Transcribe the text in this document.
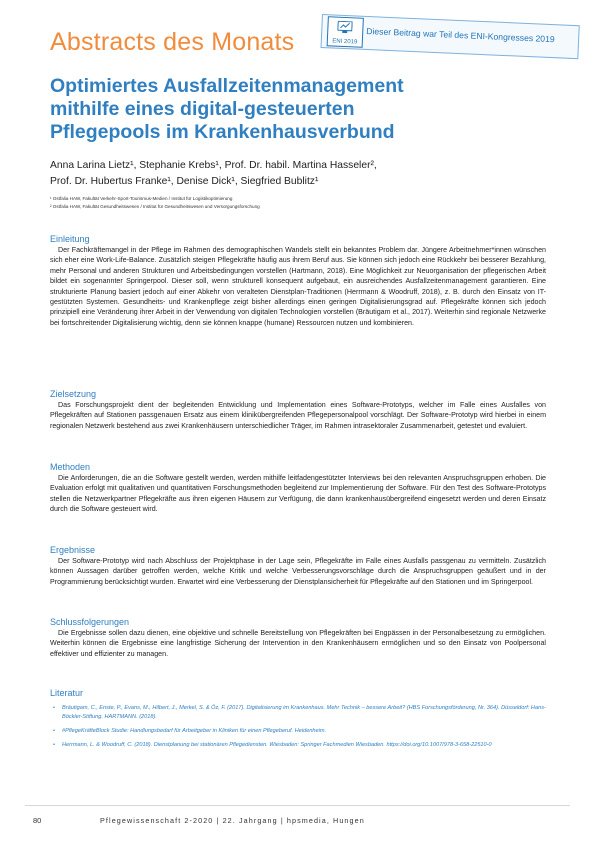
Abstracts des Monats	ENI 2019	Dieser Beitrag war Teil des ENI-Kongresses 2019
Optimiertes Ausfallzeitenmanagement mithilfe eines digital-gesteuerten Pflegepools im Krankenhausverbund
Anna Larina Lietz¹, Stephanie Krebs¹, Prof. Dr. habil. Martina Hasseler²,
Prof. Dr. Hubertus Franke¹, Denise Dick¹, Siegfried Bublitz¹
¹ Ostfalia HAW, Fakultät Verkehr-Sport-Tourismus-Medien / Institut für Logistikoptimierung
² Ostfalia HAW, Fakultät Gesundheitswesen / Institut für Gesundheitswesen und Versorgungsforschung
Einleitung

Der Fachkräftemangel in der Pflege im Rahmen des demographischen Wandels stellt ein bekanntes Problem dar. Jüngere Arbeitnehmer*innen wünschen sich eher eine Work-Life-Balance. Zusätzlich steigen Pflegekräfte häufig aus ihrem Beruf aus. Sie können sich jedoch eine Rückkehr bei besserer Bezahlung, mehr Personal und anderen Strukturen und Arbeitsbedingungen vorstellen (Hartmann, 2018). Eine Möglichkeit zur Neuorganisation der pflegerischen Arbeit bildet ein sogenannter Springerpool. Dieser soll, wenn strukturell konsequent aufgebaut, ein ausreichendes Ausfallzeitenmanagement garantieren. Eine strukturierte Planung basiert jedoch auf einer Abkehr von veralteten Dienstplan-Traditionen (Herrmann & Woodruff, 2018), z. B. durch den Einsatz von IT-gestützten Systemen. Gesundheits- und Krankenpflege zeigt bisher allerdings einen geringen Digitalisierungsgrad auf. Pflegekräfte können sich jedoch prinzipiell eine Veränderung ihrer Arbeit in der Verwendung von digitalen Technologien vorstellen (Bräutigam et al., 2017). Weiterhin sind regionale Netzwerke bei fortschreitender Digitalisierung wichtig, denn sie können knappe (humane) Ressourcen nutzen und kombinieren.

Zielsetzung

Das Forschungsprojekt dient der begleitenden Entwicklung und Implementation eines Software-Prototyps, welcher im Falle eines Ausfalles von Pflegekräften auf Stationen passgenauen Ersatz aus einem klinikübergreifenden Pflegepersonalpool vorschlägt. Der Software-Prototyp wird hierbei in einem regionalen Netzwerk bestehend aus zwei Krankenhäusern unterschiedlicher Träger, im Rahmen intrasektoraler Zusammenarbeit, getestet und evaluiert.

Methoden

Die Anforderungen, die an die Software gestellt werden, werden mithilfe leitfadengestützter Interviews bei den relevanten Anspruchsgruppen erhoben. Die Evaluation erfolgt mit qualitativen und quantitativen Forschungsmethoden begleitend zur Implementierung der Software. Für den Test des Software-Prototyps stellen die Netzwerkpartner Pflegekräfte aus ihren eigenen Häusern zur Verfügung, die dann krankenhausübergreifend eingesetzt werden und deren Einsatz durch die Software gesteuert wird.

Ergebnisse

Der Software-Prototyp wird nach Abschluss der Projektphase in der Lage sein, Pflegekräfte im Falle eines Ausfalls passgenau zu vermitteln. Zusätzlich können Aussagen darüber getroffen werden, welche Kritik und welche Verbesserungsvorschläge durch die Anspruchsgruppen geäußert und in der Programmierung berücksichtigt wurden. Erwartet wird eine Verbesserung der Dienstplansicherheit für Pflegekräfte auf den Stationen und im Springerpool.

Schlussfolgerungen

Die Ergebnisse sollen dazu dienen, eine objektive und schnelle Bereitstellung von Pflegekräften bei Engpässen in der Personalbesetzung zu ermöglichen. Weiterhin können die Ergebnisse eine langfristige Sicherung der Intervention in den Krankenhäusern ermöglichen und so den Einsatz von Poolpersonal effektiver und effizienter zu managen.

Literatur
• Bräutigam, C., Enste, P., Evans, M., Hilbert, J., Merkel, S. & Öz, F. (2017). Digitalisierung im Krankenhaus. Mehr Technik – bessere Arbeit? (HBS Forschungsförderung, Nr. 364). Düsseldorf: Hans-Böckler-Stiftung. HARTMANN. (2018).
• #PflegeKräfteBlock Studie: Handlungsbedarf für Arbeitgeber in Kliniken für einen Pflegeberuf. Heidenheim.
• Herrmann, L. & Woodruff, C. (2018). Dienstplanung bei stationären Pflegediensten. Wiesbaden: Springer Fachmedien Wiesbaden. https://doi.org/10.1007/978-3-658-22510-0
80	Pflegewissenschaft 2-2020 | 22. Jahrgang | hpsmedia, Hungen
